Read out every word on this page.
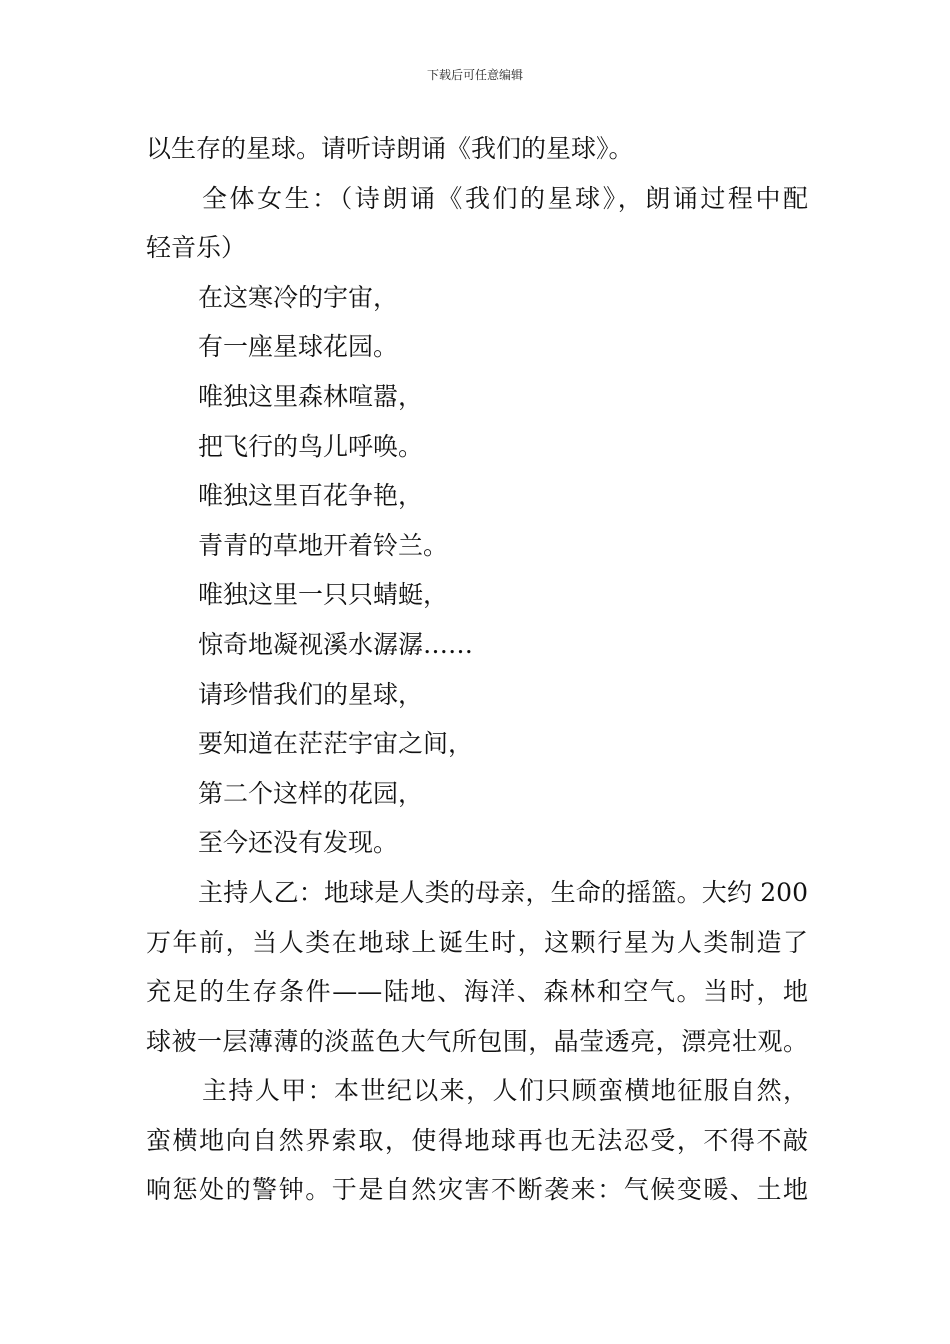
下载后可任意编辑
以生存的星球。请听诗朗诵《我们的星球》。
全体女生：（诗朗诵《我们的星球》，朗诵过程中配
轻音乐）
在这寒冷的宇宙，
有一座星球花园。
唯独这里森林喧嚣，
把飞行的鸟儿呼唤。
唯独这里百花争艳，
青青的草地开着铃兰。
唯独这里一只只蜻蜓，
惊奇地凝视溪水潺潺……
请珍惜我们的星球，
要知道在茫茫宇宙之间，
第二个这样的花园，
至今还没有发现。
主持人乙：地球是人类的母亲，生命的摇篮。大约 200
万年前，当人类在地球上诞生时，这颗行星为人类制造了
充足的生存条件——陆地、海洋、森林和空气。当时，地
球被一层薄薄的淡蓝色大气所包围，晶莹透亮，漂亮壮观。
主持人甲：本世纪以来，人们只顾蛮横地征服自然，
蛮横地向自然界索取，使得地球再也无法忍受，不得不敲
响惩处的警钟。于是自然灾害不断袭来：气候变暖、土地
